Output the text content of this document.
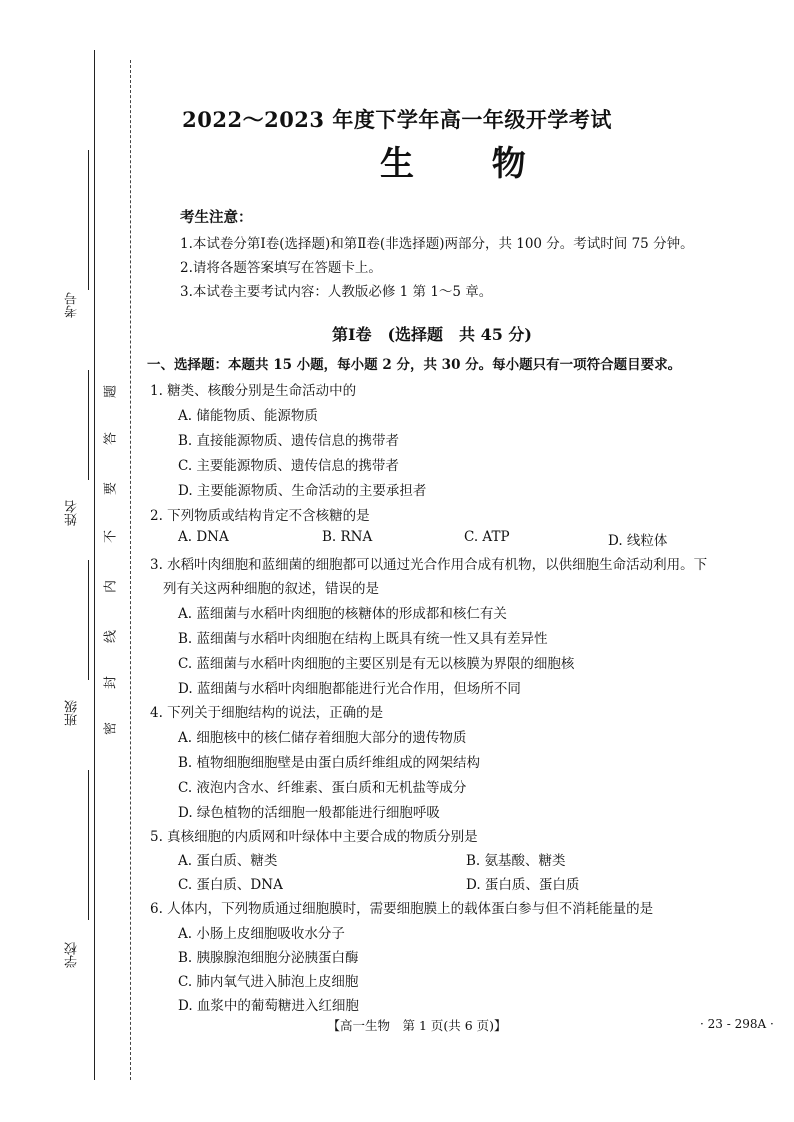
考号
姓名
班级
学校
题
答
要
不
内
线
封
密
2022～2023 年度下学年高一年级开学考试
生 物
考生注意：
1.本试卷分第Ⅰ卷(选择题)和第Ⅱ卷(非选择题)两部分，共 100 分。考试时间 75 分钟。
2.请将各题答案填写在答题卡上。
3.本试卷主要考试内容：人教版必修 1 第 1～5 章。
第Ⅰ卷　(选择题　共 45 分)
一、选择题：本题共 15 小题，每小题 2 分，共 30 分。每小题只有一项符合题目要求。
1. 糖类、核酸分别是生命活动中的
A. 储能物质、能源物质
B. 直接能源物质、遗传信息的携带者
C. 主要能源物质、遗传信息的携带者
D. 主要能源物质、生命活动的主要承担者
2. 下列物质或结构肯定不含核糖的是
A. DNA	B. RNA	C. ATP	D. 线粒体
3. 水稻叶肉细胞和蓝细菌的细胞都可以通过光合作用合成有机物，以供细胞生命活动利用。下
列有关这两种细胞的叙述，错误的是
A. 蓝细菌与水稻叶肉细胞的核糖体的形成都和核仁有关
B. 蓝细菌与水稻叶肉细胞在结构上既具有统一性又具有差异性
C. 蓝细菌与水稻叶肉细胞的主要区别是有无以核膜为界限的细胞核
D. 蓝细菌与水稻叶肉细胞都能进行光合作用，但场所不同
4. 下列关于细胞结构的说法，正确的是
A. 细胞核中的核仁储存着细胞大部分的遗传物质
B. 植物细胞细胞壁是由蛋白质纤维组成的网架结构
C. 液泡内含水、纤维素、蛋白质和无机盐等成分
D. 绿色植物的活细胞一般都能进行细胞呼吸
5. 真核细胞的内质网和叶绿体中主要合成的物质分别是
A. 蛋白质、糖类	B. 氨基酸、糖类
C. 蛋白质、DNA	D. 蛋白质、蛋白质
6. 人体内，下列物质通过细胞膜时，需要细胞膜上的载体蛋白参与但不消耗能量的是
A. 小肠上皮细胞吸收水分子
B. 胰腺腺泡细胞分泌胰蛋白酶
C. 肺内氧气进入肺泡上皮细胞
D. 血浆中的葡萄糖进入红细胞
【高一生物　第 1 页(共 6 页)】	· 23 - 298A ·
